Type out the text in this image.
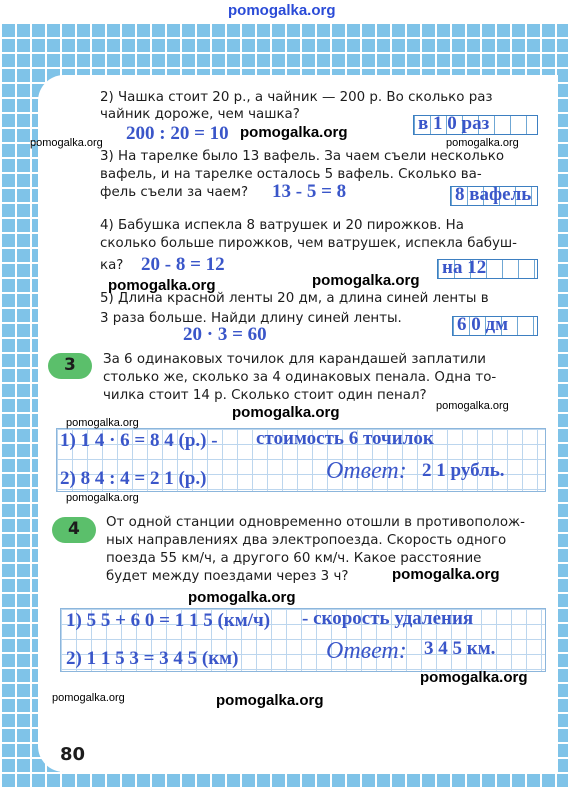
pomogalka.org
2) Чашка стоит 20 р., а чайник — 200 р. Во сколько раз
чайник дороже, чем чашка?
200 : 20 = 10	в 1 0 раз
3) На тарелке было 13 вафель. За чаем съели несколько
вафель, и на тарелке осталось 5 вафель. Сколько ва-
фель съели за чаем? 13 - 5 = 8	8 вафель
4) Бабушка испекла 8 ватрушек и 20 пирожков. На
сколько больше пирожков, чем ватрушек, испекла бабуш-
ка? 20 - 8 = 12	на 12
5) Длина красной ленты 20 дм, а длина синей ленты в
3 раза больше. Найди длину синей ленты.
20 · 3 = 60	6 0 дм
3 За 6 одинаковых точилок для карандашей заплатили
столько же, сколько за 4 одинаковых пенала. Одна то-
чилка стоит 14 р. Сколько стоит один пенал?
1) 1 4 · 6 = 8 4 (р.) - стоимость 6 точилок
2) 8 4 : 4 = 2 1 (р.)	Ответ: 2 1 рубль.
4 От одной станции одновременно отошли в противополож-
ных направлениях два электропоезда. Скорость одного
поезда 55 км/ч, а другого 60 км/ч. Какое расстояние
будет между поездами через 3 ч?
1) 5 5 + 6 0 = 1 1 5 (км/ч) - скорость удаления
2) 1 1 5 3 = 3 4 5 (км)	Ответ: 3 4 5 км.
pomogalka.org
pomogalka.org
pomogalka.org
pomogalka.org
pomogalka.org
pomogalka.org
pomogalka.org
pomogalka.org
pomogalka.org
pomogalka.org
pomogalka.org
pomogalka.org
pomogalka.org	pomogalka.org
80
